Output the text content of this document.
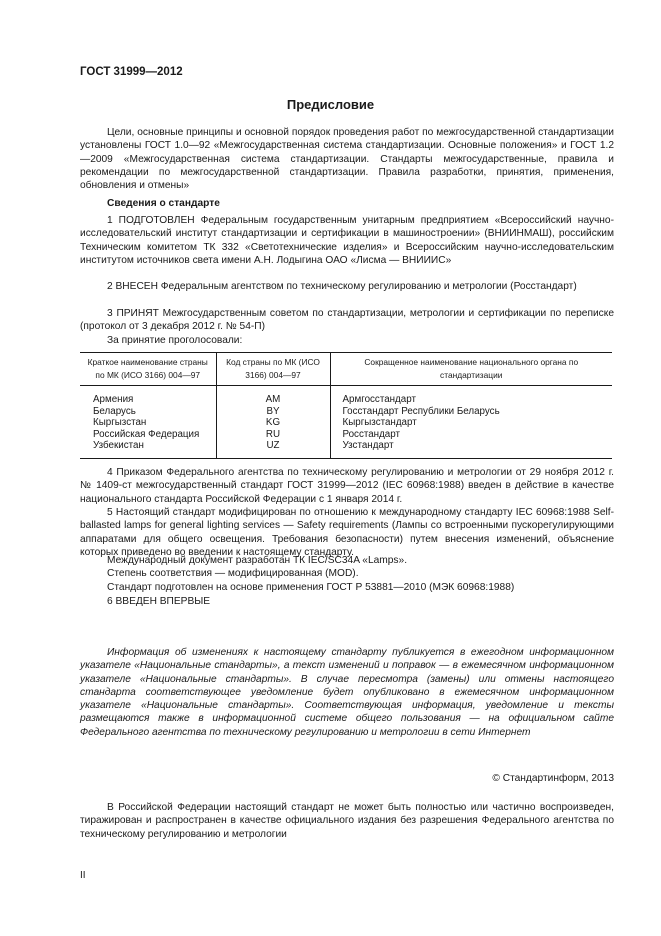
ГОСТ 31999—2012
Предисловие

Цели, основные принципы и основной порядок проведения работ по межгосударственной стандартизации установлены ГОСТ 1.0—92 «Межгосударственная система стандартизации. Основные положения» и ГОСТ 1.2—2009 «Межгосударственная система стандартизации. Стандарты межгосударственные, правила и рекомендации по межгосударственной стандартизации. Правила разработки, принятия, применения, обновления и отмены»

Сведения о стандарте

1 ПОДГОТОВЛЕН Федеральным государственным унитарным предприятием «Всероссийский научно-исследовательский институт стандартизации и сертификации в машиностроении» (ВНИИНМАШ), российским Техническим комитетом ТК 332 «Светотехнические изделия» и Всероссийским научно-исследовательским институтом источников света имени А.Н. Лодыгина ОАО «Лисма — ВНИИИС»

2 ВНЕСЕН Федеральным агентством по техническому регулированию и метрологии (Росстандарт)

3 ПРИНЯТ Межгосударственным советом по стандартизации, метрологии и сертификации по переписке (протокол от 3 декабря 2012 г. № 54-П)

За принятие проголосовали:

Краткое наименование страны по МК (ИСО 3166) 004—97	Код страны по МК (ИСО 3166) 004—97	Сокращенное наименование национального органа по стандартизации

Армения	AM	Армгосстандарт
Беларусь	BY	Госстандарт Республики Беларусь
Кыргызстан	KG	Кыргызстандарт
Российская Федерация	RU	Росстандарт
Узбекистан	UZ	Узстандарт

4 Приказом Федерального агентства по техническому регулированию и метрологии от 29 ноября 2012 г. № 1409-ст межгосударственный стандарт ГОСТ 31999—2012 (IEC 60968:1988) введен в действие в качестве национального стандарта Российской Федерации с 1 января 2014 г.

5 Настоящий стандарт модифицирован по отношению к международному стандарту IEC 60968:1988 Self-ballasted lamps for general lighting services — Safety requirements (Лампы со встроенными пускорегулирующими аппаратами для общего освещения. Требования безопасности) путем внесения изменений, объяснение которых приведено во введении к настоящему стандарту.

Международный документ разработан ТК IEC/SC34A «Lamps».

Степень соответствия — модифицированная (MOD).

Стандарт подготовлен на основе применения ГОСТ Р 53881—2010 (МЭК 60968:1988)

6 ВВЕДЕН ВПЕРВЫЕ

Информация об изменениях к настоящему стандарту публикуется в ежегодном информационном указателе «Национальные стандарты», а текст изменений и поправок — в ежемесячном информационном указателе «Национальные стандарты». В случае пересмотра (замены) или отмены настоящего стандарта соответствующее уведомление будет опубликовано в ежемесячном информационном указателе «Национальные стандарты». Соответствующая информация, уведомление и тексты размещаются также в информационной системе общего пользования — на официальном сайте Федерального агентства по техническому регулированию и метрологии в сети Интернет

© Стандартинформ, 2013

В Российской Федерации настоящий стандарт не может быть полностью или частично воспроизведен, тиражирован и распространен в качестве официального издания без разрешения Федерального агентства по техническому регулированию и метрологии

II
